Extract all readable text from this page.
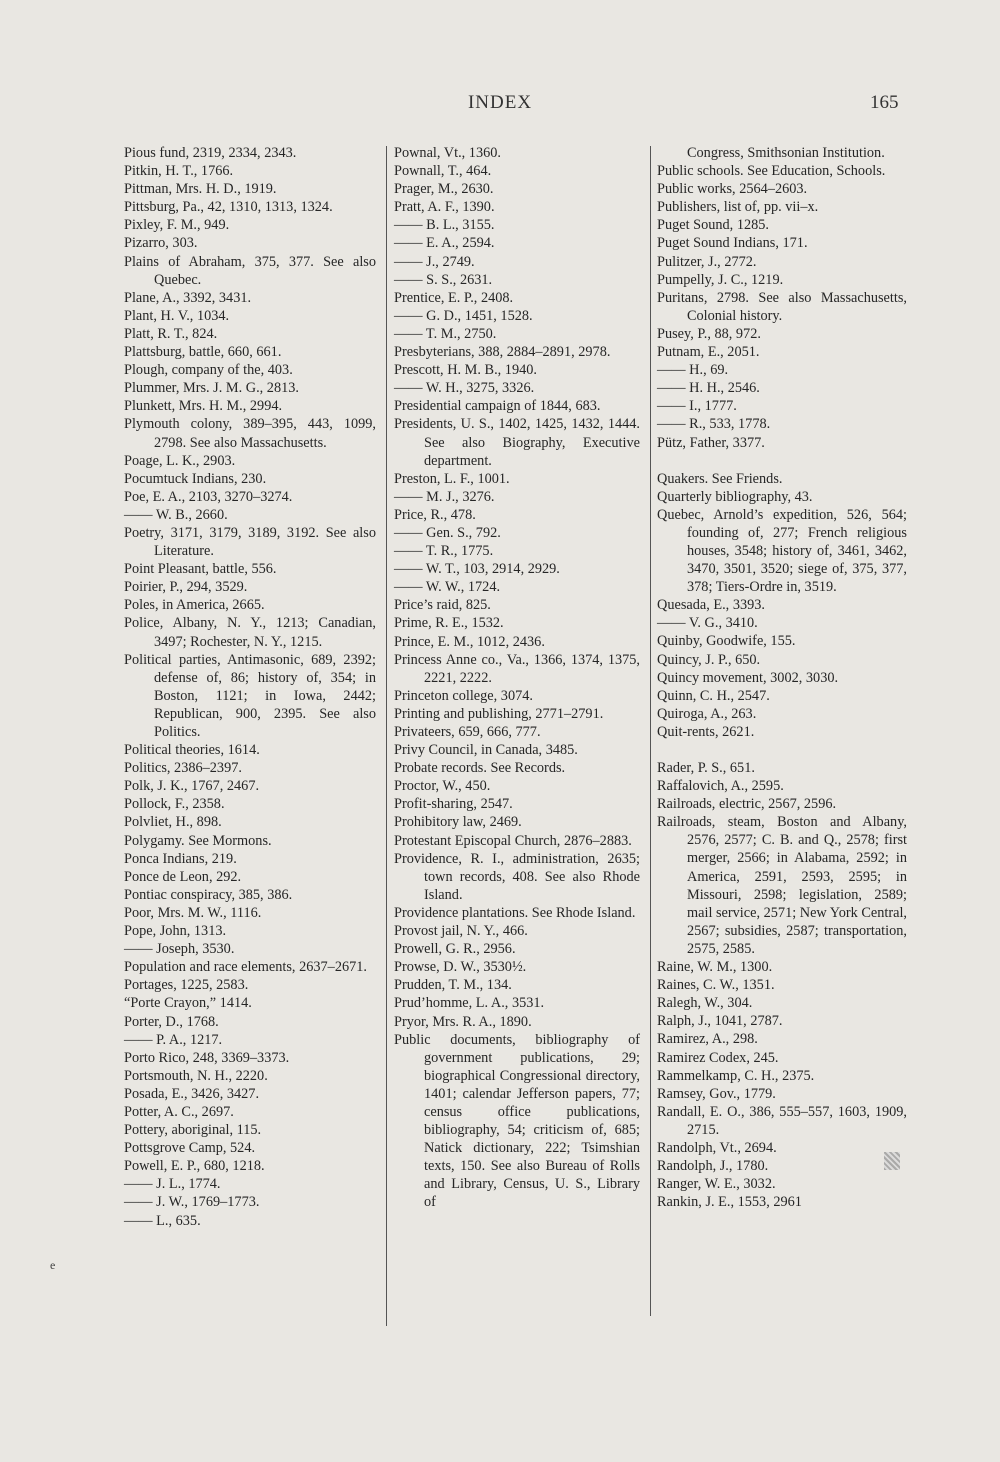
INDEX	165

Pious fund, 2319, 2334, 2343.

Pitkin, H. T., 1766.

Pittman, Mrs. H. D., 1919.

Pittsburg, Pa., 42, 1310, 1313, 1324.

Pixley, F. M., 949.

Pizarro, 303.

Plains of Abraham, 375, 377. See also Quebec.

Plane, A., 3392, 3431.

Plant, H. V., 1034.

Platt, R. T., 824.

Plattsburg, battle, 660, 661.

Plough, company of the, 403.

Plummer, Mrs. J. M. G., 2813.

Plunkett, Mrs. H. M., 2994.

Plymouth colony, 389–395, 443, 1099, 2798. See also Massachusetts.

Poage, L. K., 2903.

Pocumtuck Indians, 230.

Poe, E. A., 2103, 3270–3274.

—— W. B., 2660.

Poetry, 3171, 3179, 3189, 3192. See also Literature.

Point Pleasant, battle, 556.

Poirier, P., 294, 3529.

Poles, in America, 2665.

Police, Albany, N. Y., 1213; Canadian, 3497; Rochester, N. Y., 1215.

Political parties, Antimasonic, 689, 2392; defense of, 86; history of, 354; in Boston, 1121; in Iowa, 2442; Republican, 900, 2395. See also Politics.

Political theories, 1614.

Politics, 2386–2397.

Polk, J. K., 1767, 2467.

Pollock, F., 2358.

Polvliet, H., 898.

Polygamy. See Mormons.

Ponca Indians, 219.

Ponce de Leon, 292.

Pontiac conspiracy, 385, 386.

Poor, Mrs. M. W., 1116.

Pope, John, 1313.

—— Joseph, 3530.

Population and race elements, 2637–2671.

Portages, 1225, 2583.

“Porte Crayon,” 1414.

Porter, D., 1768.

—— P. A., 1217.

Porto Rico, 248, 3369–3373.

Portsmouth, N. H., 2220.

Posada, E., 3426, 3427.

Potter, A. C., 2697.

Pottery, aboriginal, 115.

Pottsgrove Camp, 524.

Powell, E. P., 680, 1218.

—— J. L., 1774.

—— J. W., 1769–1773.

—— L., 635.

Pownal, Vt., 1360.

Pownall, T., 464.

Prager, M., 2630.

Pratt, A. F., 1390.

—— B. L., 3155.

—— E. A., 2594.

—— J., 2749.

—— S. S., 2631.

Prentice, E. P., 2408.

—— G. D., 1451, 1528.

—— T. M., 2750.

Presbyterians, 388, 2884–2891, 2978.

Prescott, H. M. B., 1940.

—— W. H., 3275, 3326.

Presidential campaign of 1844, 683.

Presidents, U. S., 1402, 1425, 1432, 1444. See also Biography, Executive department.

Preston, L. F., 1001.

—— M. J., 3276.

Price, R., 478.

—— Gen. S., 792.

—— T. R., 1775.

—— W. T., 103, 2914, 2929.

—— W. W., 1724.

Price’s raid, 825.

Prime, R. E., 1532.

Prince, E. M., 1012, 2436.

Princess Anne co., Va., 1366, 1374, 1375, 2221, 2222.

Princeton college, 3074.

Printing and publishing, 2771–2791.

Privateers, 659, 666, 777.

Privy Council, in Canada, 3485.

Probate records. See Records.

Proctor, W., 450.

Profit-sharing, 2547.

Prohibitory law, 2469.

Protestant Episcopal Church, 2876–2883.

Providence, R. I., administration, 2635; town records, 408. See also Rhode Island.

Providence plantations. See Rhode Island.

Provost jail, N. Y., 466.

Prowell, G. R., 2956.

Prowse, D. W., 3530½.

Prudden, T. M., 134.

Prud’homme, L. A., 3531.

Pryor, Mrs. R. A., 1890.

Public documents, bibliography of government publications, 29; biographical Congressional directory, 1401; calendar Jefferson papers, 77; census office publications, bibliography, 54; criticism of, 685; Natick dictionary, 222; Tsimshian texts, 150. See also Bureau of Rolls and Library, Census, U. S., Library of

Congress, Smithsonian Institution.

Public schools. See Education, Schools.

Public works, 2564–2603.

Publishers, list of, pp. vii–x.

Puget Sound, 1285.

Puget Sound Indians, 171.

Pulitzer, J., 2772.

Pumpelly, J. C., 1219.

Puritans, 2798. See also Massachusetts, Colonial history.

Pusey, P., 88, 972.

Putnam, E., 2051.

—— H., 69.

—— H. H., 2546.

—— I., 1777.

—— R., 533, 1778.

Pütz, Father, 3377.

Quakers. See Friends.

Quarterly bibliography, 43.

Quebec, Arnold’s expedition, 526, 564; founding of, 277; French religious houses, 3548; history of, 3461, 3462, 3470, 3501, 3520; siege of, 375, 377, 378; Tiers-Ordre in, 3519.

Quesada, E., 3393.

—— V. G., 3410.

Quinby, Goodwife, 155.

Quincy, J. P., 650.

Quincy movement, 3002, 3030.

Quinn, C. H., 2547.

Quiroga, A., 263.

Quit-rents, 2621.

Rader, P. S., 651.

Raffalovich, A., 2595.

Railroads, electric, 2567, 2596.

Railroads, steam, Boston and Albany, 2576, 2577; C. B. and Q., 2578; first merger, 2566; in Alabama, 2592; in America, 2591, 2593, 2595; in Missouri, 2598; legislation, 2589; mail service, 2571; New York Central, 2567; subsidies, 2587; transportation, 2575, 2585.

Raine, W. M., 1300.

Raines, C. W., 1351.

Ralegh, W., 304.

Ralph, J., 1041, 2787.

Ramirez, A., 298.

Ramirez Codex, 245.

Rammelkamp, C. H., 2375.

Ramsey, Gov., 1779.

Randall, E. O., 386, 555–557, 1603, 1909, 2715.

Randolph, Vt., 2694.

Randolph, J., 1780.

Ranger, W. E., 3032.

Rankin, J. E., 1553, 2961

e
